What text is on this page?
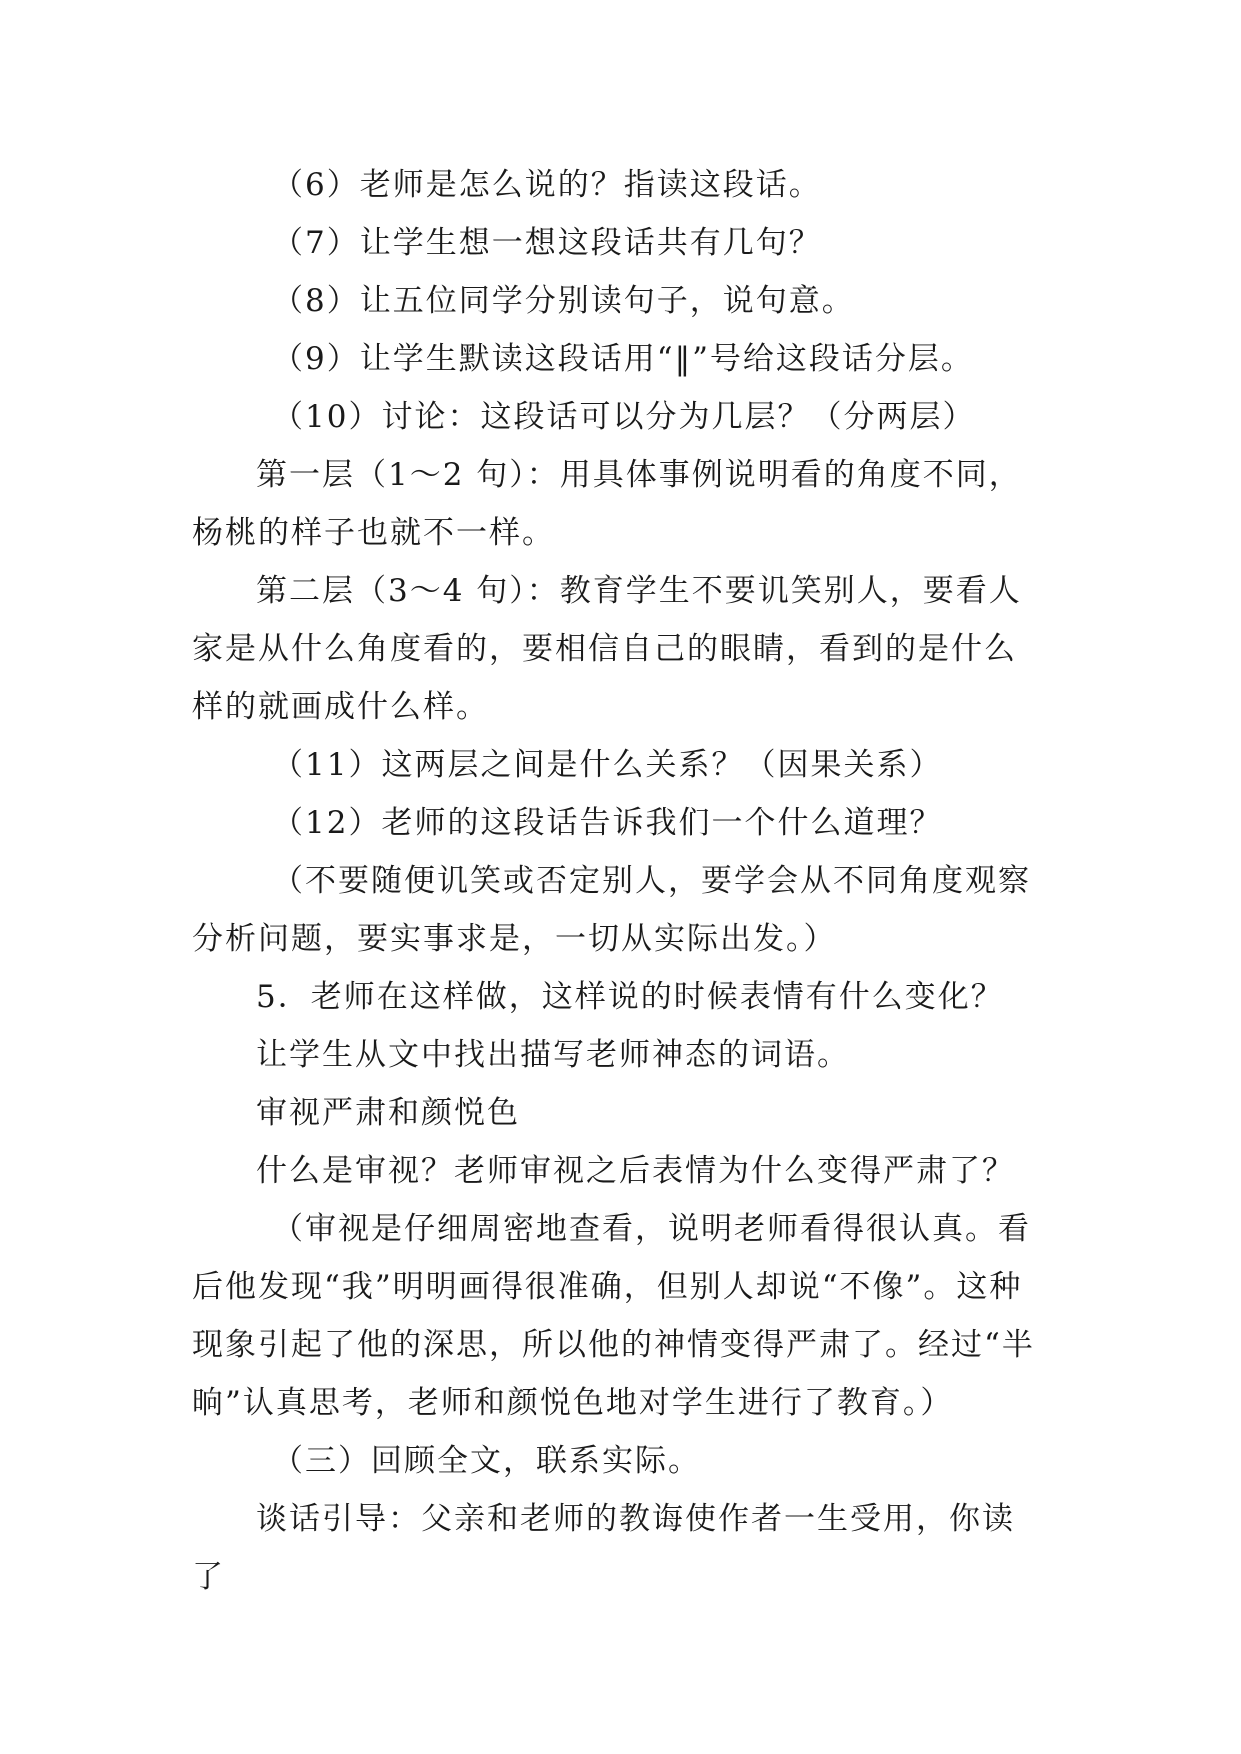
（6）老师是怎么说的？指读这段话。

（7）让学生想一想这段话共有几句？

（8）让五位同学分别读句子，说句意。

（9）让学生默读这段话用“‖”号给这段话分层。

（10）讨论：这段话可以分为几层？（分两层）

第一层（1～2 句）：用具体事例说明看的角度不同，杨桃的样子也就不一样。

第二层（3～4 句）：教育学生不要讥笑别人，要看人家是从什么角度看的，要相信自己的眼睛，看到的是什么样的就画成什么样。

（11）这两层之间是什么关系？（因果关系）

（12）老师的这段话告诉我们一个什么道理？

（不要随便讥笑或否定别人，要学会从不同角度观察分析问题，要实事求是，一切从实际出发。）

5．老师在这样做，这样说的时候表情有什么变化？

让学生从文中找出描写老师神态的词语。

审视严肃和颜悦色

什么是审视？老师审视之后表情为什么变得严肃了？

（审视是仔细周密地查看，说明老师看得很认真。看后他发现“我”明明画得很准确，但别人却说“不像”。这种现象引起了他的深思，所以他的神情变得严肃了。经过“半晌”认真思考，老师和颜悦色地对学生进行了教育。）

（三）回顾全文，联系实际。

谈话引导：父亲和老师的教诲使作者一生受用，你读了
